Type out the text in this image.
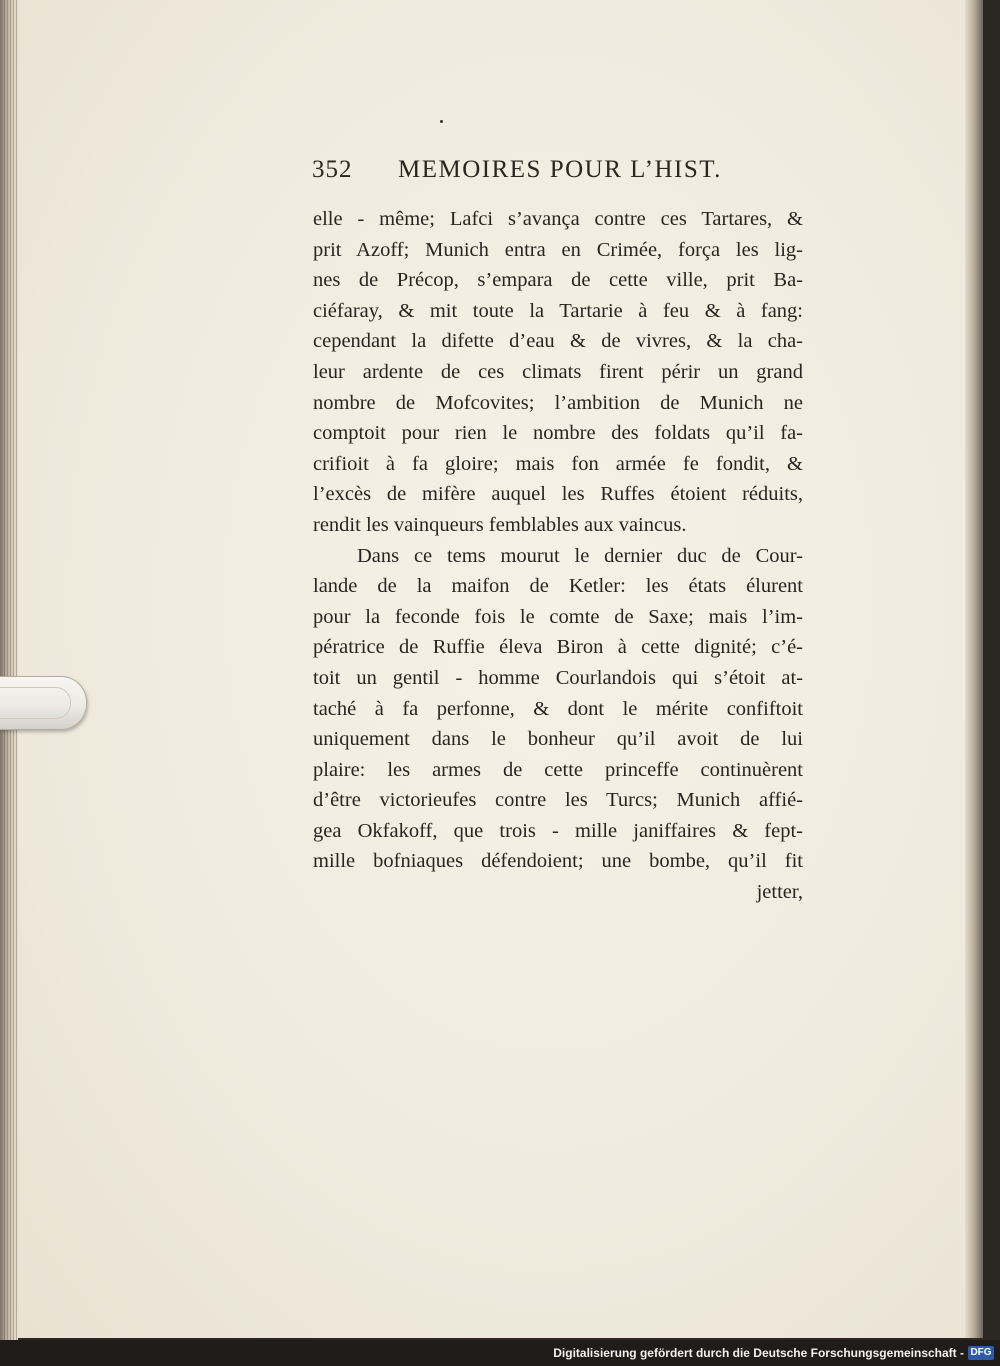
352 MEMOIRES POUR L’HIST.
elle - même; Lafci s’avança contre ces Tartares, &
prit Azoff; Munich entra en Crimée, força les lig-
nes de Précop, s’empara de cette ville, prit Ba-
ciéfaray, & mit toute la Tartarie à feu & à fang:
cependant la difette d’eau & de vivres, & la cha-
leur ardente de ces climats firent périr un grand
nombre de Mofcovites; l’ambition de Munich ne
comptoit pour rien le nombre des foldats qu’il fa-
crifioit à fa gloire; mais fon armée fe fondit, &
l’excès de mifère auquel les Ruffes étoient réduits,
rendit les vainqueurs femblables aux vaincus.
Dans ce tems mourut le dernier duc de Cour-
lande de la maifon de Ketler: les états élurent
pour la feconde fois le comte de Saxe; mais l’im-
pératrice de Ruffie éleva Biron à cette dignité; c’é-
toit un gentil - homme Courlandois qui s’étoit at-
taché à fa perfonne, & dont le mérite confiftoit
uniquement dans le bonheur qu’il avoit de lui
plaire: les armes de cette princeffe continuèrent
d’être victorieufes contre les Turcs; Munich affié-
gea Okfakoff, que trois - mille janiffaires & fept-
mille bofniaques défendoient; une bombe, qu’il fit
jetter,
Digitalisierung gefördert durch die Deutsche Forschungsgemeinschaft - DFG
